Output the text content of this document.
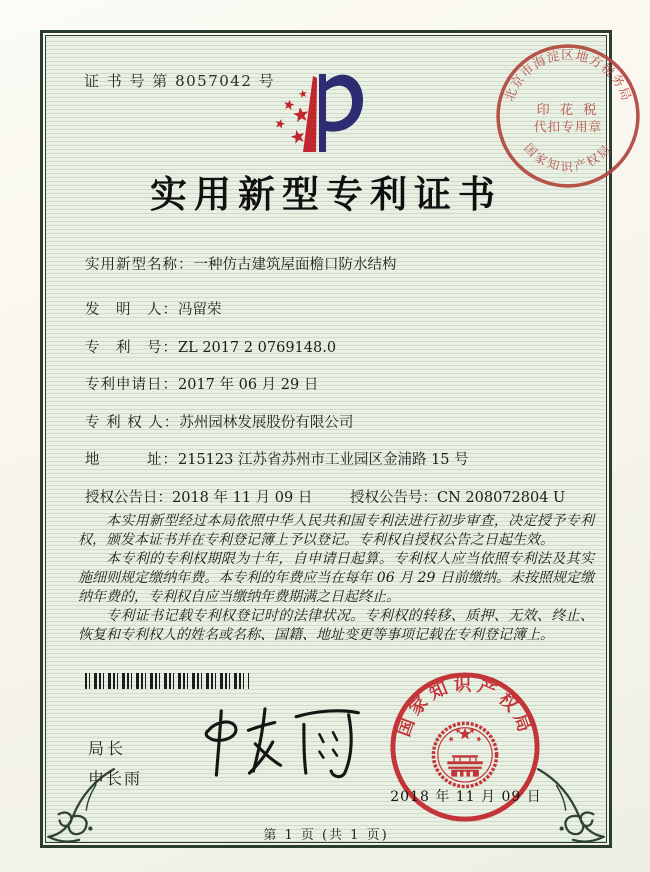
证 书 号 第 8057042 号
北京市海淀区地方税务局
国家知识产权局
印 花 税
代扣专用章
实用新型专利证书
实用新型名称：一种仿古建筑屋面檐口防水结构
发　明　人：冯留荣
专　利　号：ZL 2017 2 0769148.0
专利申请日：2017 年 06 月 29 日
专 利 权 人：苏州园林发展股份有限公司
地　　　址：215123 江苏省苏州市工业园区金浦路 15 号
授权公告日：2018 年 11 月 09 日	授权公告号：CN 208072804 U

本实用新型经过本局依照中华人民共和国专利法进行初步审查，决定授予专利权，颁发本证书并在专利登记簿上予以登记。专利权自授权公告之日起生效。

本专利的专利权期限为十年，自申请日起算。专利权人应当依照专利法及其实施细则规定缴纳年费。本专利的年费应当在每年 06 月 29 日前缴纳。未按照规定缴纳年费的，专利权自应当缴纳年费期满之日起终止。

专利证书记载专利权登记时的法律状况。专利权的转移、质押、无效、终止、恢复和专利权人的姓名或名称、国籍、地址变更等事项记载在专利登记簿上。

局长
申长雨
国家知识产权局
2018 年 11 月 09 日
第 1 页 (共 1 页)
